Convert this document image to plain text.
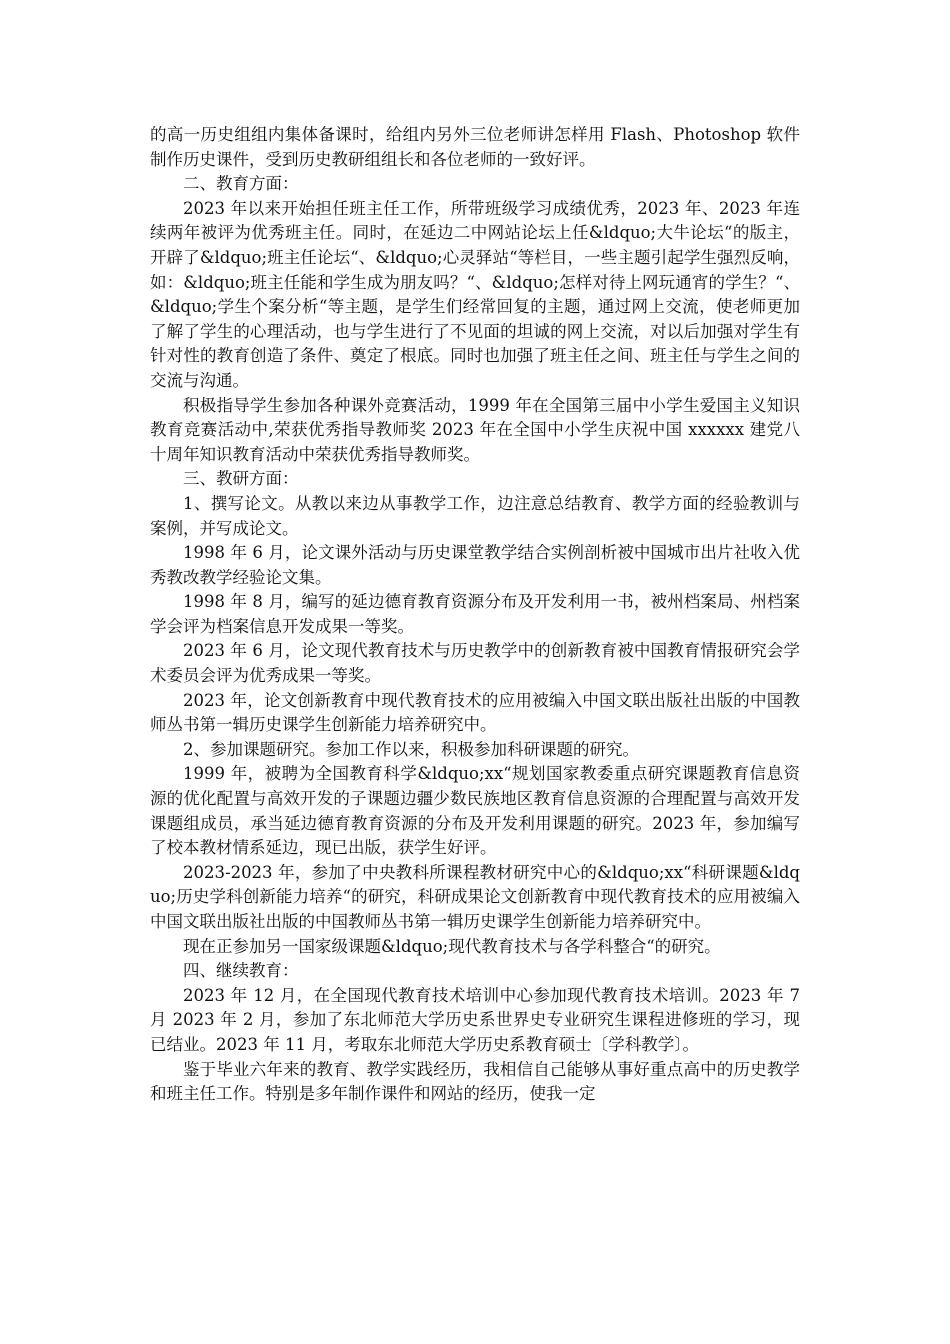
的高一历史组组内集体备课时，给组内另外三位老师讲怎样用 Flash、Photoshop 软件制作历史课件，受到历史教研组组长和各位老师的一致好评。

二、教育方面：

2023 年以来开始担任班主任工作，所带班级学习成绩优秀，2023 年、2023 年连续两年被评为优秀班主任。同时，在延边二中网站论坛上任&ldquo;大牛论坛“的版主，开辟了&ldquo;班主任论坛“、&ldquo;心灵驿站“等栏目，一些主题引起学生强烈反响，如：&ldquo;班主任能和学生成为朋友吗？“、&ldquo;怎样对待上网玩通宵的学生？“、&ldquo;学生个案分析“等主题，是学生们经常回复的主题，通过网上交流，使老师更加了解了学生的心理活动，也与学生进行了不见面的坦诚的网上交流，对以后加强对学生有针对性的教育创造了条件、奠定了根底。同时也加强了班主任之间、班主任与学生之间的交流与沟通。

积极指导学生参加各种课外竞赛活动，1999 年在全国第三届中小学生爱国主义知识教育竞赛活动中,荣获优秀指导教师奖 2023 年在全国中小学生庆祝中国 xxxxxx 建党八十周年知识教育活动中荣获优秀指导教师奖。

三、教研方面：

1、撰写论文。从教以来边从事教学工作，边注意总结教育、教学方面的经验教训与案例，并写成论文。

1998 年 6 月，论文课外活动与历史课堂教学结合实例剖析被中国城市出片社收入优秀教改教学经验论文集。

1998 年 8 月，编写的延边德育教育资源分布及开发利用一书，被州档案局、州档案学会评为档案信息开发成果一等奖。

2023 年 6 月，论文现代教育技术与历史教学中的创新教育被中国教育情报研究会学术委员会评为优秀成果一等奖。

2023 年，论文创新教育中现代教育技术的应用被编入中国文联出版社出版的中国教师丛书第一辑历史课学生创新能力培养研究中。

2、参加课题研究。参加工作以来，积极参加科研课题的研究。

1999 年，被聘为全国教育科学&ldquo;xx“规划国家教委重点研究课题教育信息资源的优化配置与高效开发的子课题边疆少数民族地区教育信息资源的合理配置与高效开发课题组成员，承当延边德育教育资源的分布及开发利用课题的研究。2023 年，参加编写了校本教材情系延边，现已出版，获学生好评。

2023-2023 年，参加了中央教科所课程教材研究中心的&ldquo;xx“科研课题&ldquo;历史学科创新能力培养“的研究，科研成果论文创新教育中现代教育技术的应用被编入中国文联出版社出版的中国教师丛书第一辑历史课学生创新能力培养研究中。

现在正参加另一国家级课题&ldquo;现代教育技术与各学科整合“的研究。

四、继续教育：

2023 年 12 月，在全国现代教育技术培训中心参加现代教育技术培训。2023 年 7 月 2023 年 2 月，参加了东北师范大学历史系世界史专业研究生课程进修班的学习，现已结业。2023 年 11 月，考取东北师范大学历史系教育硕士〔学科教学〕。

鉴于毕业六年来的教育、教学实践经历，我相信自己能够从事好重点高中的历史教学和班主任工作。特别是多年制作课件和网站的经历，使我一定
